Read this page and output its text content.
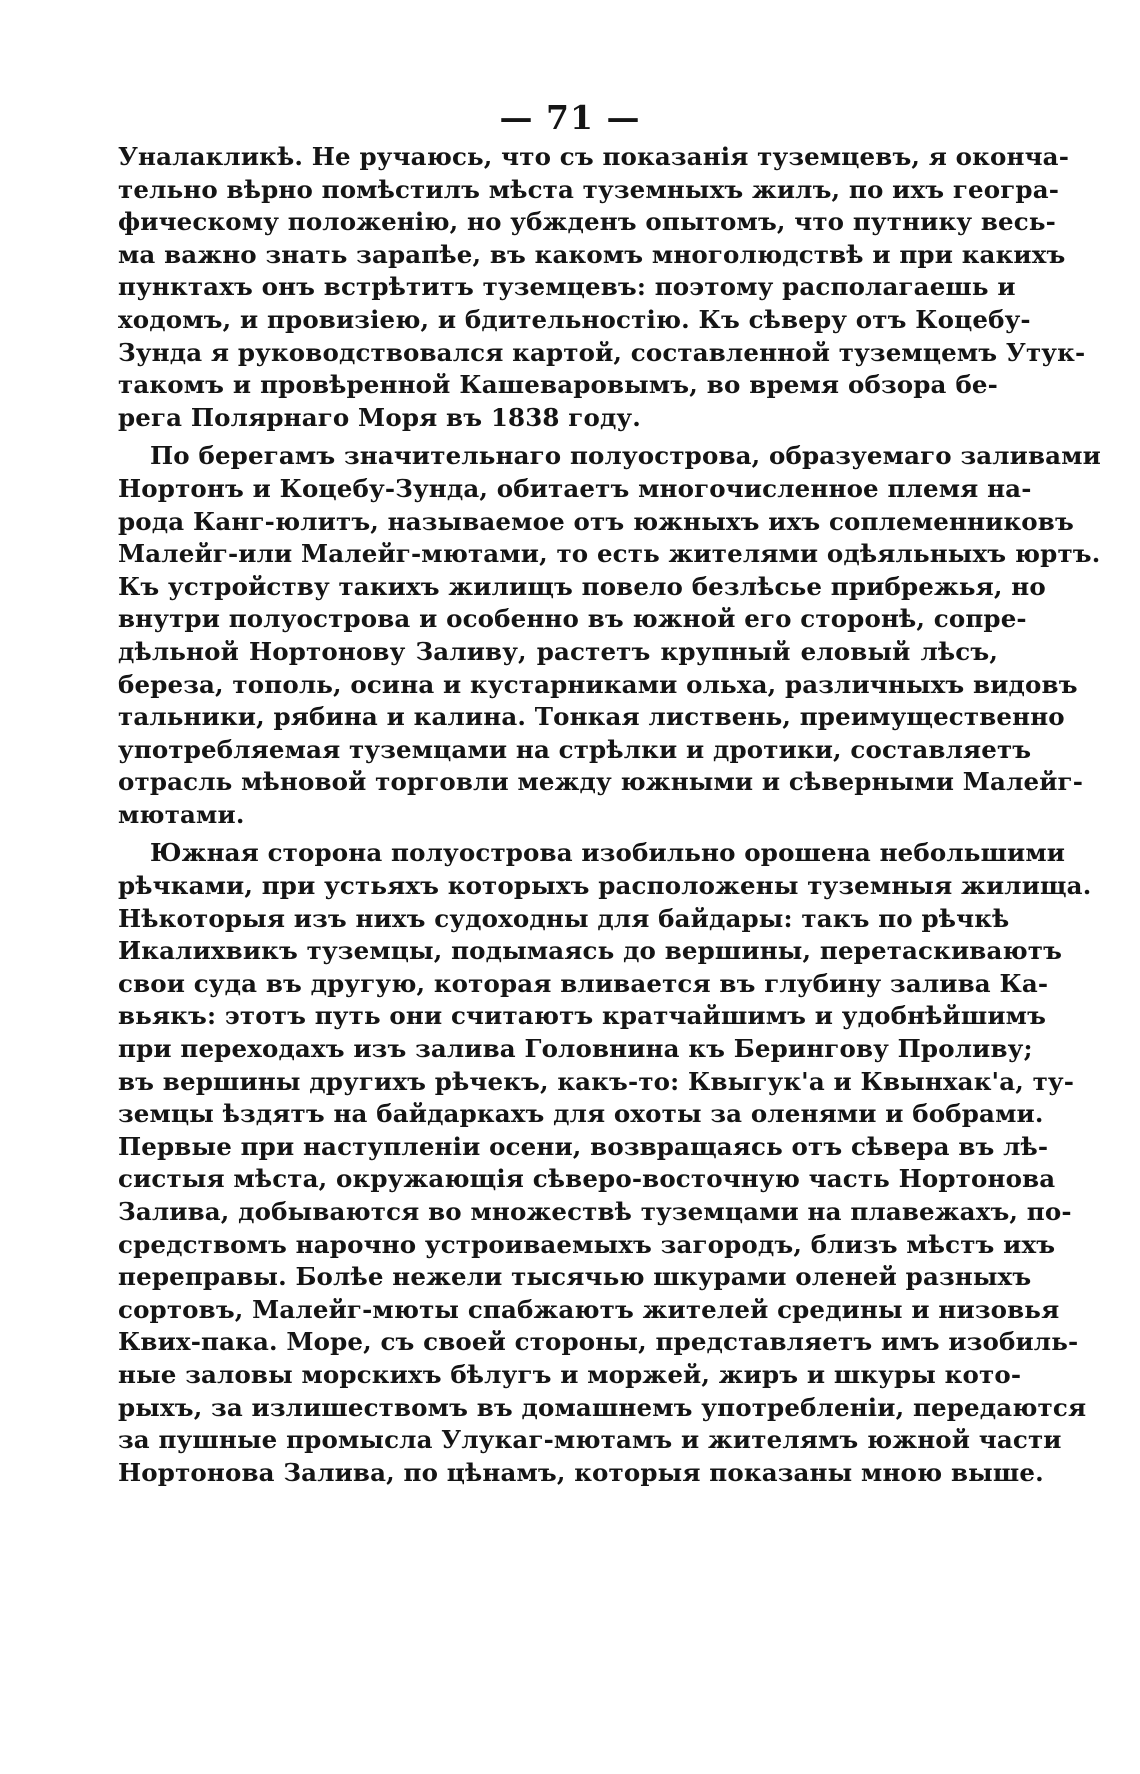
— 71 —
Уналакликѣ. Не ручаюсь, что съ показанія туземцевъ, я оконча-
тельно вѣрно помѣстилъ мѣста туземныхъ жилъ, по ихъ геогра-
фическому положенію, но убжденъ опытомъ, что путнику весь-
ма важно знать зарапѣе, въ какомъ многолюдствѣ и при какихъ
пунктахъ онъ встрѣтитъ туземцевъ: поэтому располагаешь и
ходомъ, и провизіею, и бдительностію. Къ сѣверу отъ Коцебу-
Зунда я руководствовался картой, составленной туземцемъ Утук-
такомъ и провѣренной Кашеваровымъ, во время обзора бе-
рега Полярнаго Моря въ 1838 году.
По берегамъ значительнаго полуострова, образуемаго заливами
Нортонъ и Коцебу-Зунда, обитаетъ многочисленное племя на-
рода Канг-юлитъ, называемое отъ южныхъ ихъ соплеменниковъ
Малейг-или Малейг-мютами, то есть жителями одѣяльныхъ юртъ.
Къ устройству такихъ жилищъ повело безлѣсье прибрежья, но
внутри полуострова и особенно въ южной его сторонѣ, сопре-
дѣльной Нортонову Заливу, растетъ крупный еловый лѣсъ,
береза, тополь, осина и кустарниками ольха, различныхъ видовъ
тальники, рябина и калина. Тонкая листвень, преимущественно
употребляемая туземцами на стрѣлки и дротики, составляетъ
отрасль мѣновой торговли между южными и сѣверными Малейг-
мютами.
Южная сторона полуострова изобильно орошена небольшими
рѣчками, при устьяхъ которыхъ расположены туземныя жилища.
Нѣкоторыя изъ нихъ судоходны для байдары: такъ по рѣчкѣ
Икалихвикъ туземцы, подымаясь до вершины, перетаскиваютъ
свои суда въ другую, которая вливается въ глубину залива Ка-
вьякъ: этотъ путь они считаютъ кратчайшимъ и удобнѣйшимъ
при переходахъ изъ залива Головнина къ Берингову Проливу;
въ вершины другихъ рѣчекъ, какъ-то: Квыгук'а и Квынхак'а, ту-
земцы ѣздятъ на байдаркахъ для охоты за оленями и бобрами.
Первые при наступленіи осени, возвращаясь отъ сѣвера въ лѣ-
систыя мѣста, окружающія сѣверо-восточную часть Нортонова
Залива, добываются во множествѣ туземцами на плавежахъ, по-
средствомъ нарочно устроиваемыхъ загородъ, близъ мѣстъ ихъ
переправы. Болѣе нежели тысячью шкурами оленей разныхъ
сортовъ, Малейг-мюты спабжаютъ жителей средины и низовья
Квих-пака. Море, съ своей стороны, представляетъ имъ изобиль-
ные заловы морскихъ бѣлугъ и моржей, жиръ и шкуры кото-
рыхъ, за излишествомъ въ домашнемъ употребленіи, передаются
за пушные промысла Улукаг-мютамъ и жителямъ южной части
Нортонова Залива, по цѣнамъ, которыя показаны мною выше.
